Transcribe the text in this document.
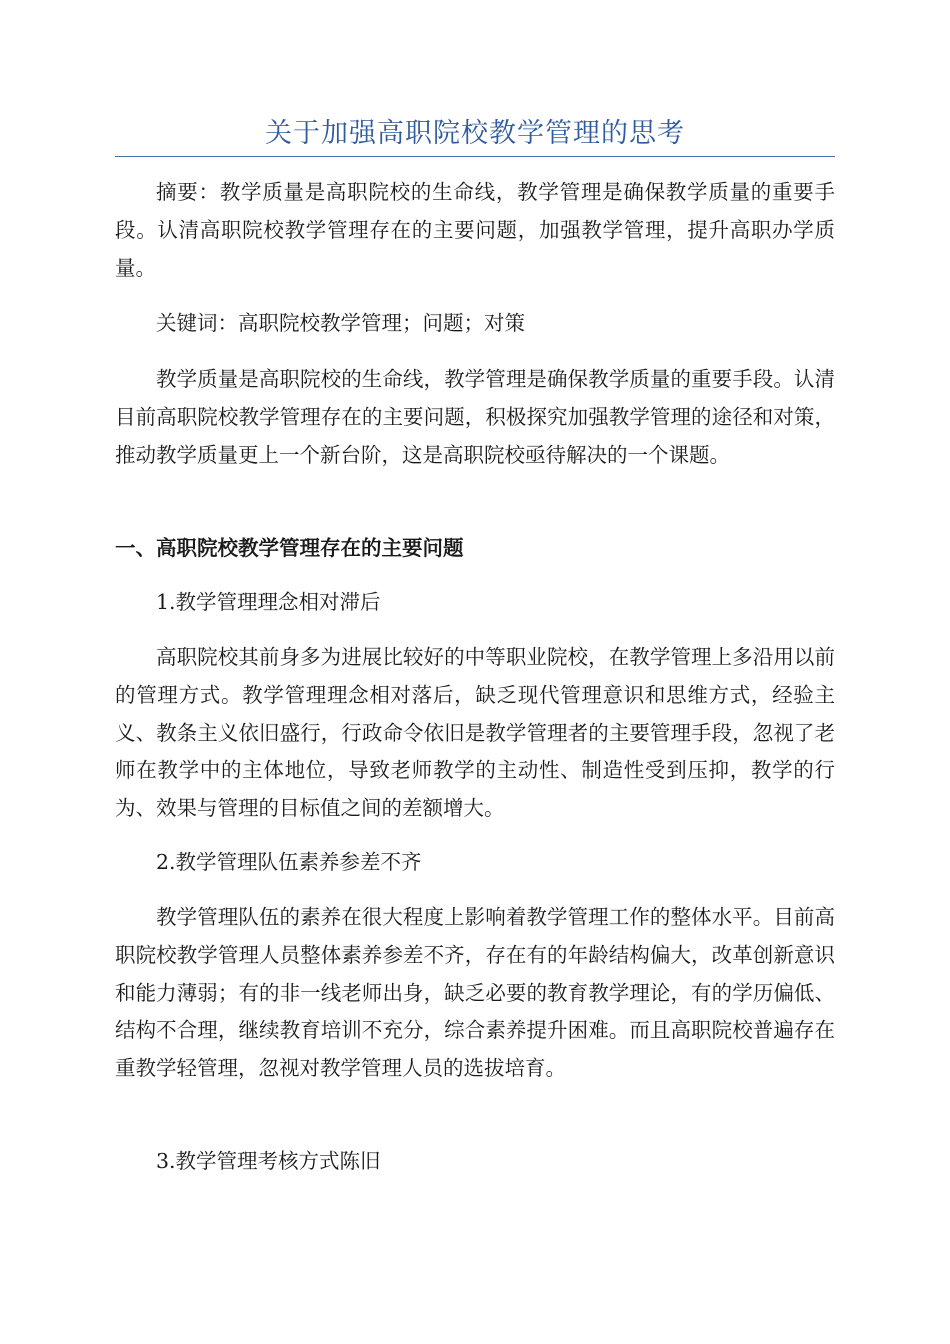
关于加强高职院校教学管理的思考

摘要：教学质量是高职院校的生命线，教学管理是确保教学质量的重要手段。认清高职院校教学管理存在的主要问题，加强教学管理，提升高职办学质量。

关键词：高职院校教学管理；问题；对策

教学质量是高职院校的生命线，教学管理是确保教学质量的重要手段。认清目前高职院校教学管理存在的主要问题，积极探究加强教学管理的途径和对策，推动教学质量更上一个新台阶，这是高职院校亟待解决的一个课题。

一、高职院校教学管理存在的主要问题

1.教学管理理念相对滞后

高职院校其前身多为进展比较好的中等职业院校，在教学管理上多沿用以前的管理方式。教学管理理念相对落后，缺乏现代管理意识和思维方式，经验主义、教条主义依旧盛行，行政命令依旧是教学管理者的主要管理手段，忽视了老师在教学中的主体地位，导致老师教学的主动性、制造性受到压抑，教学的行为、效果与管理的目标值之间的差额增大。

2.教学管理队伍素养参差不齐

教学管理队伍的素养在很大程度上影响着教学管理工作的整体水平。目前高职院校教学管理人员整体素养参差不齐，存在有的年龄结构偏大，改革创新意识和能力薄弱；有的非一线老师出身，缺乏必要的教育教学理论，有的学历偏低、结构不合理，继续教育培训不充分，综合素养提升困难。而且高职院校普遍存在重教学轻管理，忽视对教学管理人员的选拔培育。

3.教学管理考核方式陈旧
